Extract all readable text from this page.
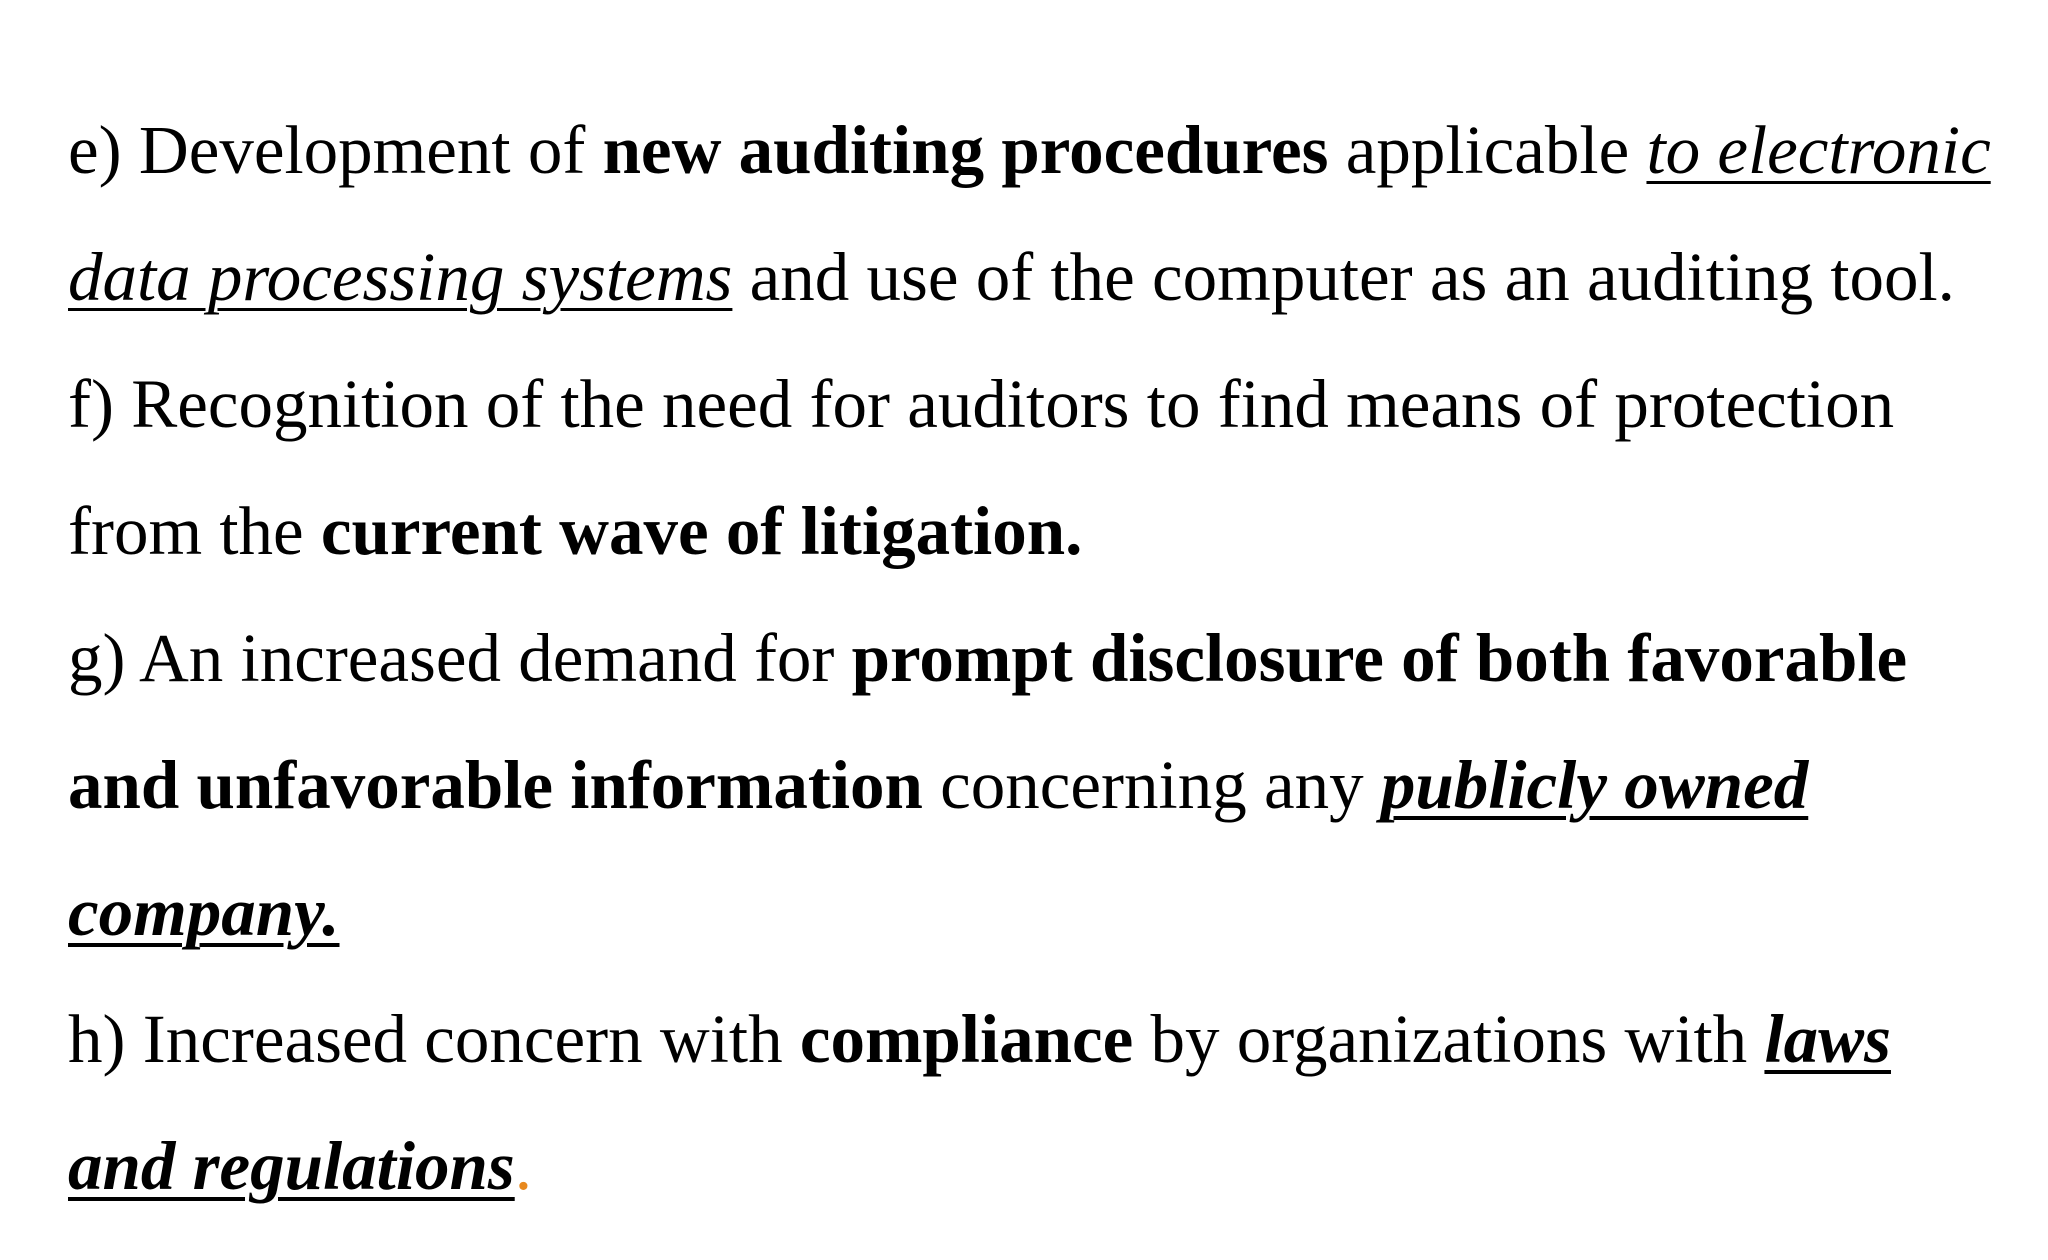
e) Development of new auditing procedures applicable to electronic
data processing systems and use of the computer as an auditing tool.
f) Recognition of the need for auditors to find means of protection
from the current wave of litigation.
g) An increased demand for prompt disclosure of both favorable
and unfavorable information concerning any publicly owned
company.
h) Increased concern with compliance by organizations with laws
and regulations.
